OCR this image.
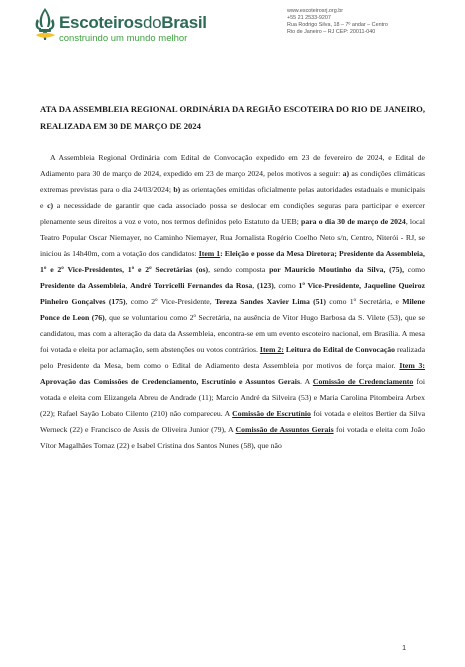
EscoteirosdoBrasil
construindo um mundo melhor
www.escoteirosrj.org.br
+55 21 2533-9207
Rua Rodrigo Silva, 18 – 7º andar – Centro
Rio de Janeiro – RJ CEP: 20011-040
ATA DA ASSEMBLEIA REGIONAL ORDINÁRIA DA REGIÃO ESCOTEIRA DO RIO DE JANEIRO, REALIZADA EM 30 DE MARÇO DE 2024

A Assembleia Regional Ordinária com Edital de Convocação expedido em 23 de fevereiro de 2024, e Edital de Adiamento para 30 de março de 2024, expedido em 23 de março 2024, pelos motivos a seguir: a) as condições climáticas extremas previstas para o dia 24/03/2024; b) as orientações emitidas oficialmente pelas autoridades estaduais e municipais e c) a necessidade de garantir que cada associado possa se deslocar em condições seguras para participar e exercer plenamente seus direitos a voz e voto, nos termos definidos pelo Estatuto da UEB; para o dia 30 de março de 2024, local Teatro Popular Oscar Niemayer, no Caminho Niemayer, Rua Jornalista Rogério Coelho Neto s/n, Centro, Niterói - RJ, se iniciou às 14h40m, com a votação dos candidatos: Item 1: Eleição e posse da Mesa Diretora; Presidente da Assembleia, 1º e 2º Vice-Presidentes, 1º e 2º Secretárias (os), sendo composta por Maurício Moutinho da Silva, (75), como Presidente da Assembleia, André Torricelli Fernandes da Rosa, (123), como 1º Vice-Presidente, Jaqueline Queiroz Pinheiro Gonçalves (175), como 2º Vice-Presidente, Tereza Sandes Xavier Lima (51) como 1º Secretária, e Milene Ponce de Leon (76), que se voluntariou como 2º Secretária, na ausência de Vitor Hugo Barbosa da S. Vilete (53), que se candidatou, mas com a alteração da data da Assembleia, encontra-se em um evento escoteiro nacional, em Brasília. A mesa foi votada e eleita por aclamação, sem abstenções ou votos contrários. Item 2: Leitura do Edital de Convocação realizada pelo Presidente da Mesa, bem como o Edital de Adiamento desta Assembleia por motivos de força maior. Item 3: Aprovação das Comissões de Credenciamento, Escrutínio e Assuntos Gerais. A Comissão de Credenciamento foi votada e eleita com Elizangela Abreu de Andrade (11); Marcio André da Silveira (53) e Maria Carolina Pitombeira Arbex (22); Rafael Sayão Lobato Cilento (210) não compareceu. A Comissão de Escrutínio foi votada e eleitos Bertier da Silva Werneck (22) e Francisco de Assis de Oliveira Junior (79), A Comissão de Assuntos Gerais foi votada e eleita com João Vítor Magalhães Tomaz (22) e Isabel Cristina dos Santos Nunes (58), que não

1
